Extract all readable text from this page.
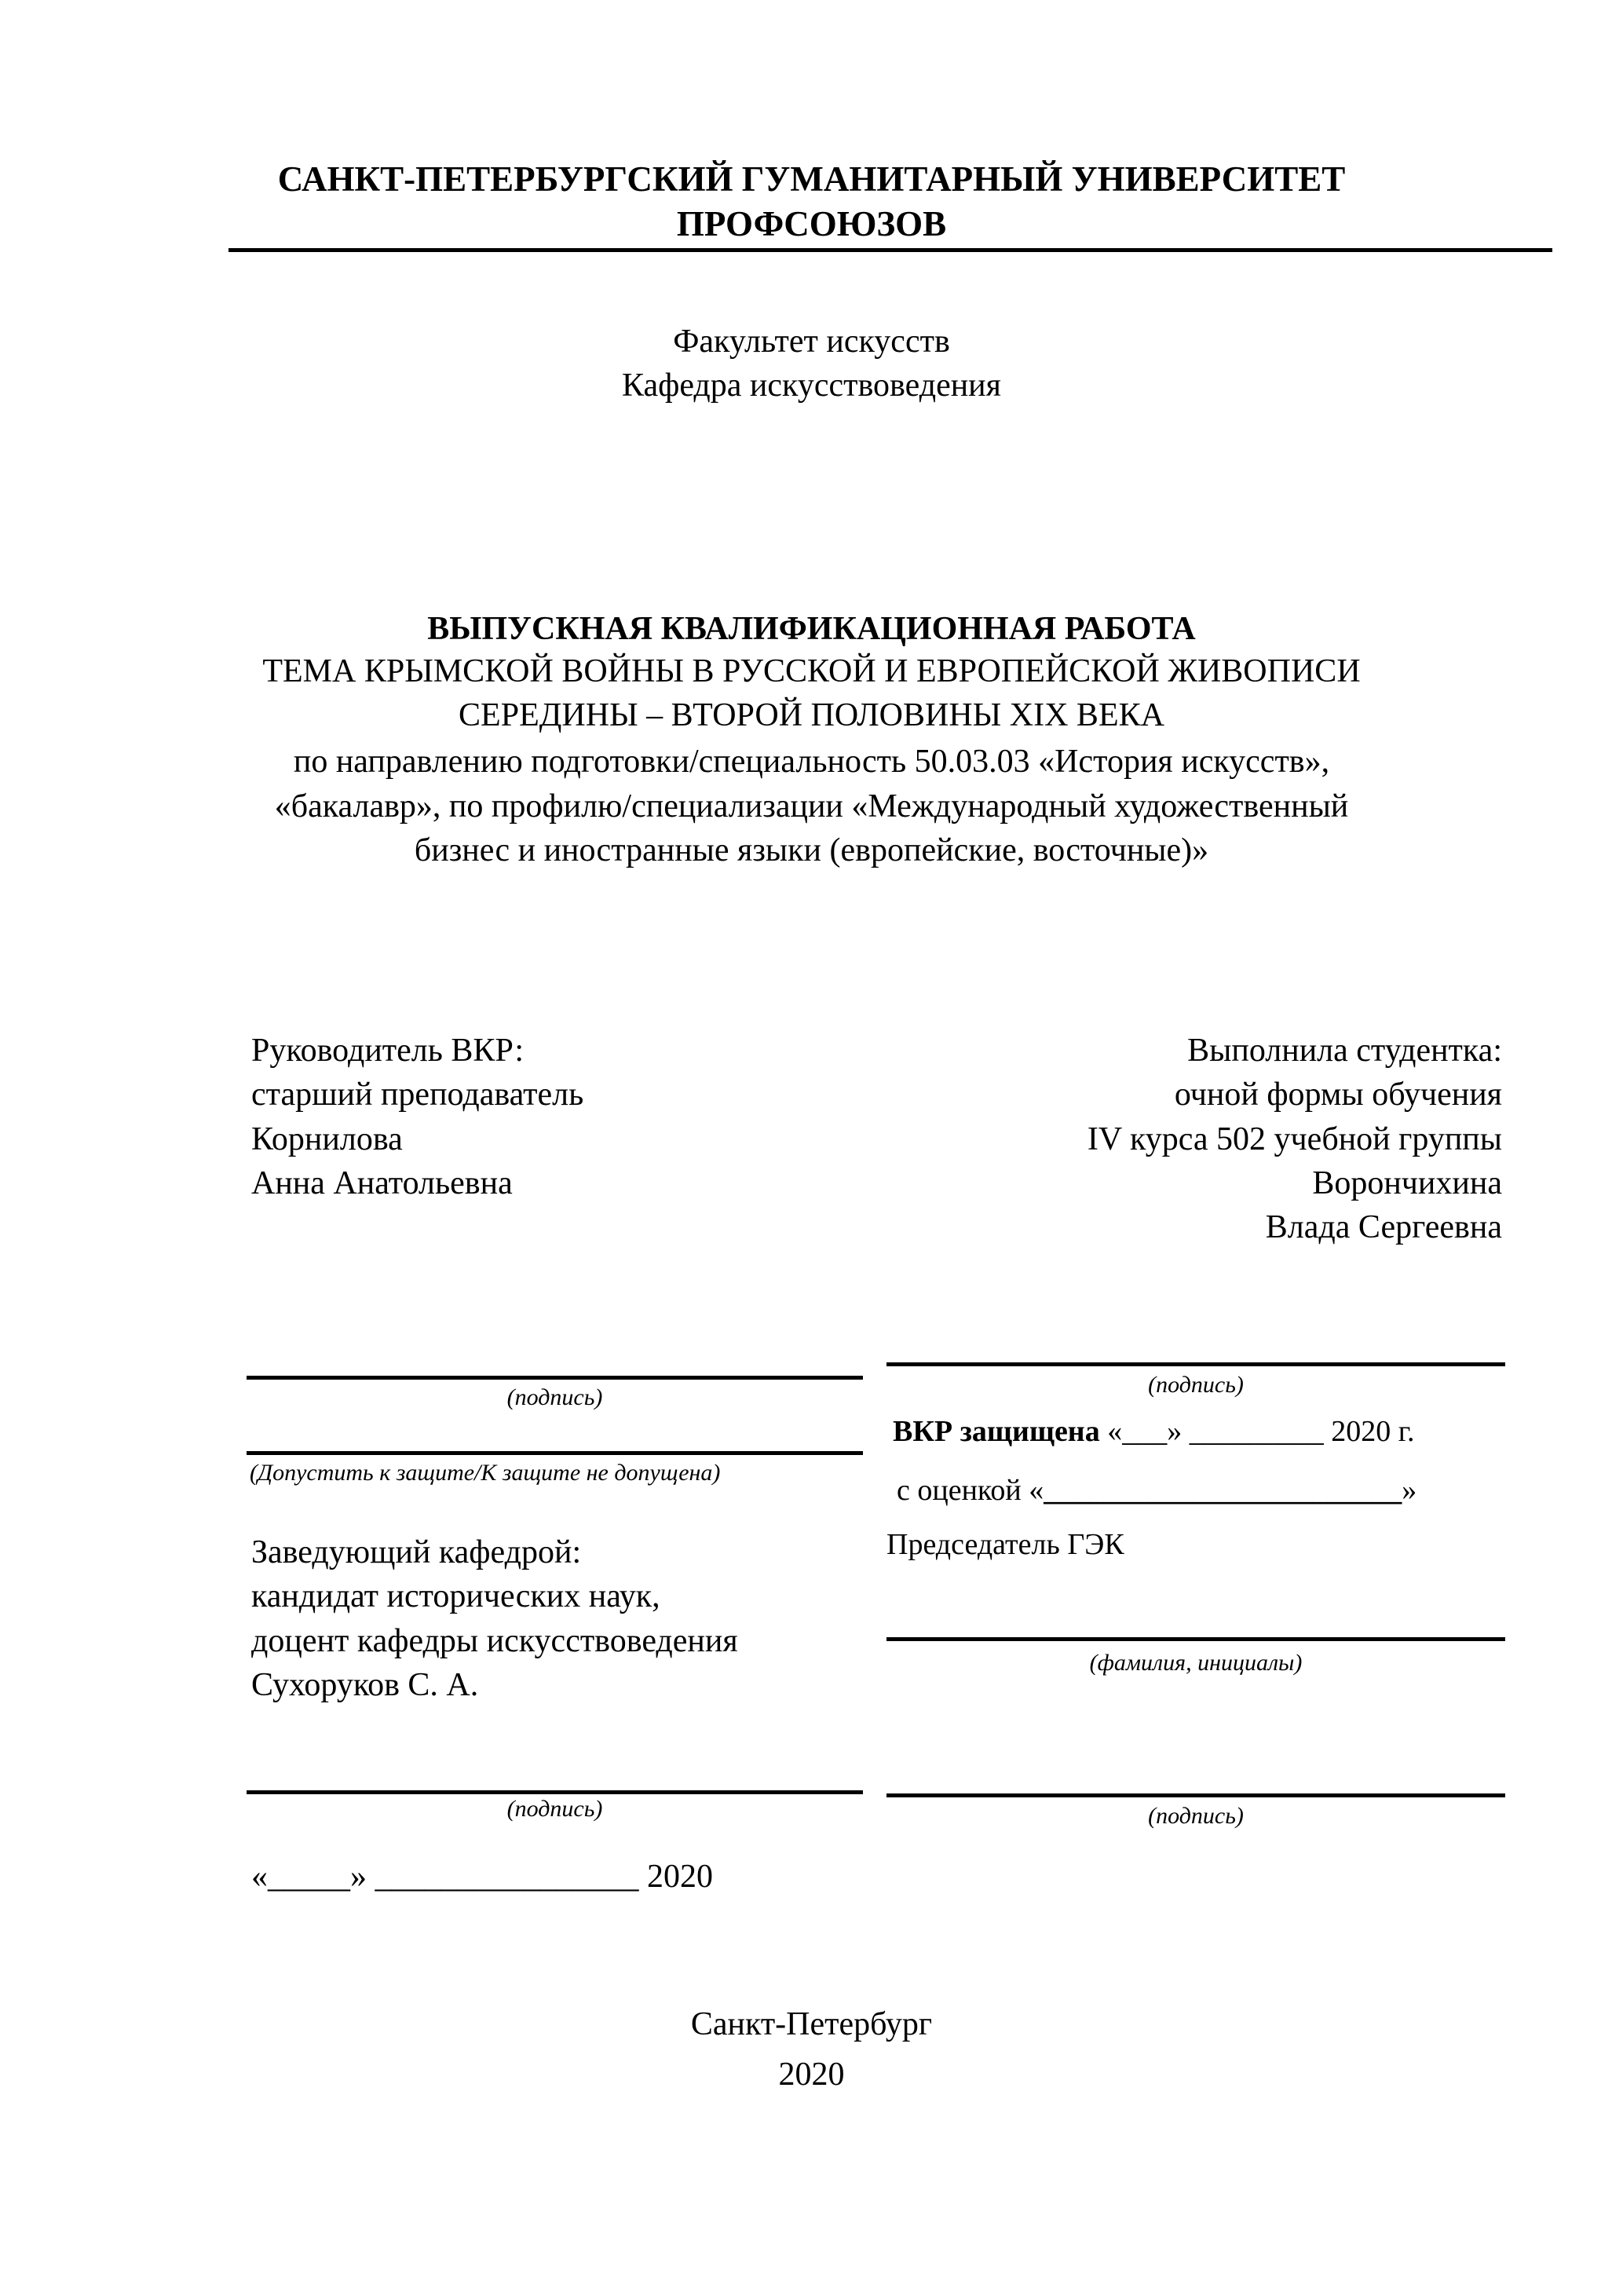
САНКТ-ПЕТЕРБУРГСКИЙ ГУМАНИТАРНЫЙ УНИВЕРСИТЕТ
ПРОФСОЮЗОВ
Факультет искусств
Кафедра искусствоведения
ВЫПУСКНАЯ КВАЛИФИКАЦИОННАЯ РАБОТА
ТЕМА КРЫМСКОЙ ВОЙНЫ В РУССКОЙ И ЕВРОПЕЙСКОЙ ЖИВОПИСИ
СЕРЕДИНЫ – ВТОРОЙ ПОЛОВИНЫ XIX ВЕКА
по направлению подготовки/специальность 50.03.03 «История искусств»,
«бакалавр», по профилю/специализации «Международный художественный
бизнес и иностранные языки (европейские, восточные)»
Руководитель ВКР:
старший преподаватель
Корнилова
Анна Анатольевна
Выполнила студентка:
очной формы обучения
IV курса 502 учебной группы
Ворончихина
Влада Сергеевна
(подпись)
(Допустить к защите/К защите не допущена)
Заведующий кафедрой:
кандидат исторических наук,
доцент кафедры искусствоведения
Сухоруков С. А.
(подпись)
«_____» ________________ 2020
(подпись)
ВКР защищена «___» _________ 2020 г.
с оценкой «________________________»
Председатель ГЭК
(фамилия, инициалы)
(подпись)
Санкт-Петербург
2020
